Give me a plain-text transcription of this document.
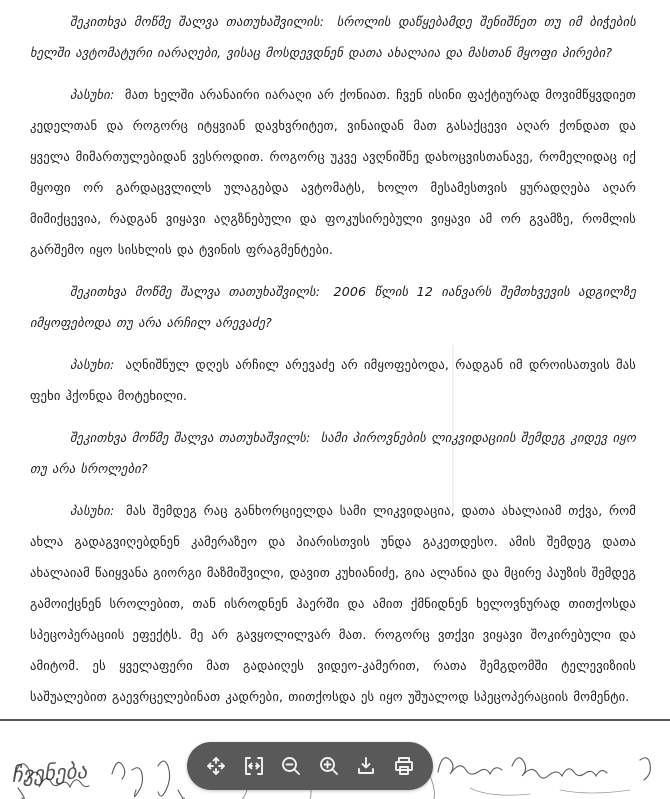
შეკითხვა მოწმე შალვა თათუხაშვილის: სროლის დაწყებამდე შენიშნეთ თუ იმ ბიჭების ხელში ავტომატური იარაღები, ვისაც მოსდევდნენ დათა ახალაია და მასთან მყოფი პირები?

პასუხი: მათ ხელში არანაირი იარაღი არ ქონიათ. ჩვენ ისინი ფაქტიურად მოვიმწყვდიეთ კედელთან და როგორც იტყვიან დავხვრიტეთ, ვინაიდან მათ გასაქცევი აღარ ქონდათ და ყველა მიმართულებიდან ვესროდით. როგორც უკვე ავღნიშნე დახოცვისთანავე, რომელიდაც იქ მყოფი ორ გარდაცვლილს ულაგებდა ავტომატს, ხოლო მესამესთვის ყურადღება აღარ მიმიქცევია, რადგან ვიყავი აღგზნებული და ფოკუსირებული ვიყავი ამ ორ გვამზე, რომლის გარშემო იყო სისხლის და ტვინის ფრაგმენტები.

შეკითხვა მოწმე შალვა თათუხაშვილს: 2006 წლის 12 იანვარს შემთხვევის ადგილზე იმყოფებოდა თუ არა არჩილ არევაძე?

პასუხი: აღნიშნულ დღეს არჩილ არევაძე არ იმყოფებოდა, რადგან იმ დროისათვის მას ფეხი ჰქონდა მოტეხილი.

შეკითხვა მოწმე შალვა თათუხაშვილს: სამი პიროვნების ლიკვიდაციის შემდეგ კიდევ იყო თუ არა სროლები?

პასუხი: მას შემდეგ რაც განხორციელდა სამი ლიკვიდაცია, დათა ახალაიამ თქვა, რომ ახლა გადაგვიღებდნენ კამერაზეო და პიარისთვის უნდა გაკეთდესო. ამის შემდეგ დათა ახალაიამ წაიყვანა გიორგი მაზმიშვილი, დავით კუხიანიძე, გია ალანია და მცირე პაუზის შემდეგ გამოიქცნენ სროლებით, თან ისროდნენ ჰაერში და ამით ქმნიდნენ ხელოვნურად თითქოსდა სპეცოპერაციის ეფექტს. მე არ გავყოლილვარ მათ. როგორც ვთქვი ვიყავი შოკირებული და ამიტომ. ეს ყველაფერი მათ გადაიღეს ვიდეო-კამერით, რათა შემგდომში ტელევიზიის საშუალებით გაევრცელებინათ კადრები, თითქოსდა ეს იყო უშუალოდ სპეცოპერაციის მომენტი.

ჩვენება
